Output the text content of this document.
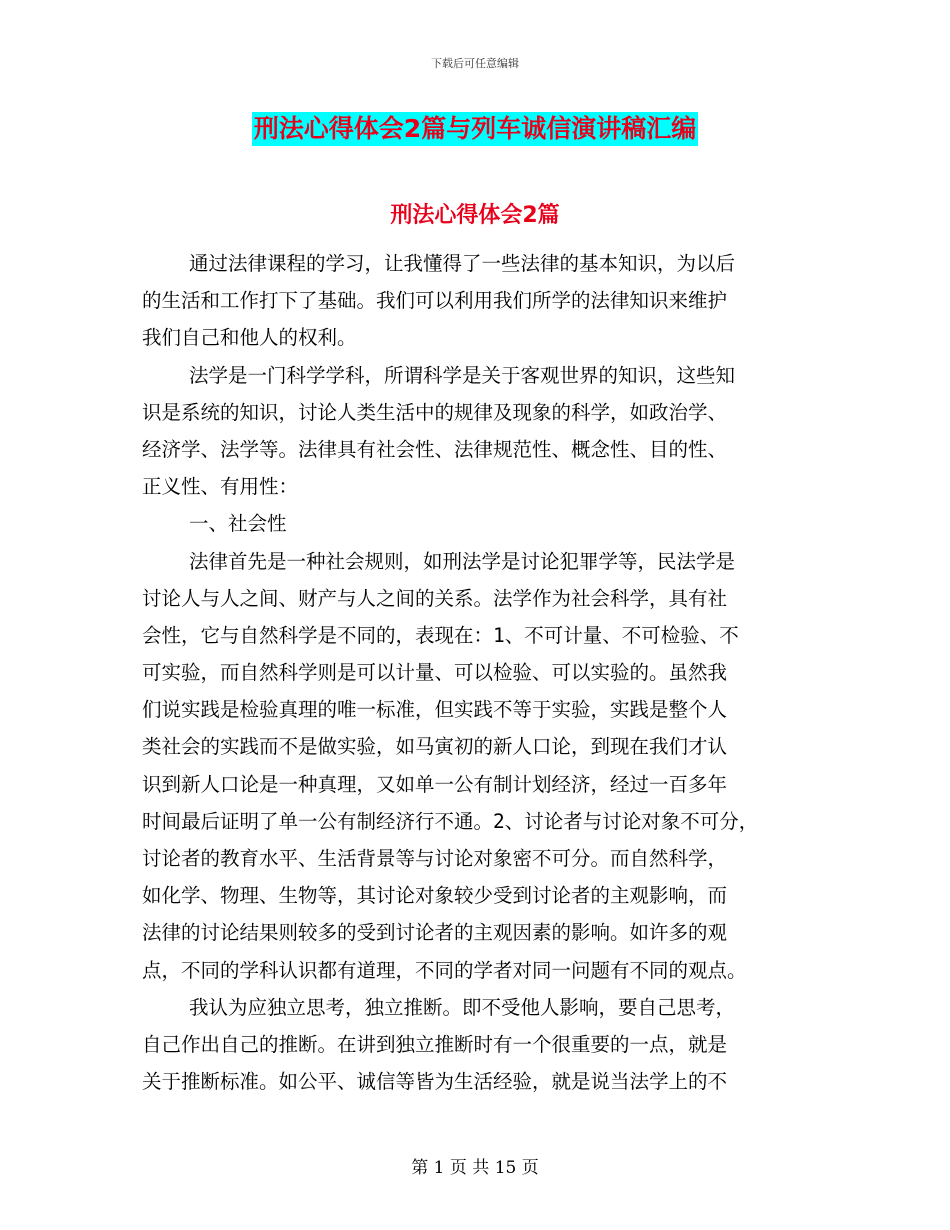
下载后可任意编辑
刑法心得体会2篇与列车诚信演讲稿汇编
刑法心得体会2篇
通过法律课程的学习，让我懂得了一些法律的基本知识，为以后
的生活和工作打下了基础。我们可以利用我们所学的法律知识来维护
我们自己和他人的权利。
法学是一门科学学科，所谓科学是关于客观世界的知识，这些知
识是系统的知识，讨论人类生活中的规律及现象的科学，如政治学、
经济学、法学等。法律具有社会性、法律规范性、概念性、目的性、
正义性、有用性：
一、社会性
法律首先是一种社会规则，如刑法学是讨论犯罪学等，民法学是
讨论人与人之间、财产与人之间的关系。法学作为社会科学，具有社
会性，它与自然科学是不同的，表现在：1、不可计量、不可检验、不
可实验，而自然科学则是可以计量、可以检验、可以实验的。虽然我
们说实践是检验真理的唯一标准，但实践不等于实验，实践是整个人
类社会的实践而不是做实验，如马寅初的新人口论，到现在我们才认
识到新人口论是一种真理，又如单一公有制计划经济，经过一百多年
时间最后证明了单一公有制经济行不通。2、讨论者与讨论对象不可分，
讨论者的教育水平、生活背景等与讨论对象密不可分。而自然科学，
如化学、物理、生物等，其讨论对象较少受到讨论者的主观影响，而
法律的讨论结果则较多的受到讨论者的主观因素的影响。如许多的观
点，不同的学科认识都有道理，不同的学者对同一问题有不同的观点。
我认为应独立思考，独立推断。即不受他人影响，要自己思考，
自己作出自己的推断。在讲到独立推断时有一个很重要的一点，就是
关于推断标准。如公平、诚信等皆为生活经验，就是说当法学上的不
第 1 页 共 15 页
